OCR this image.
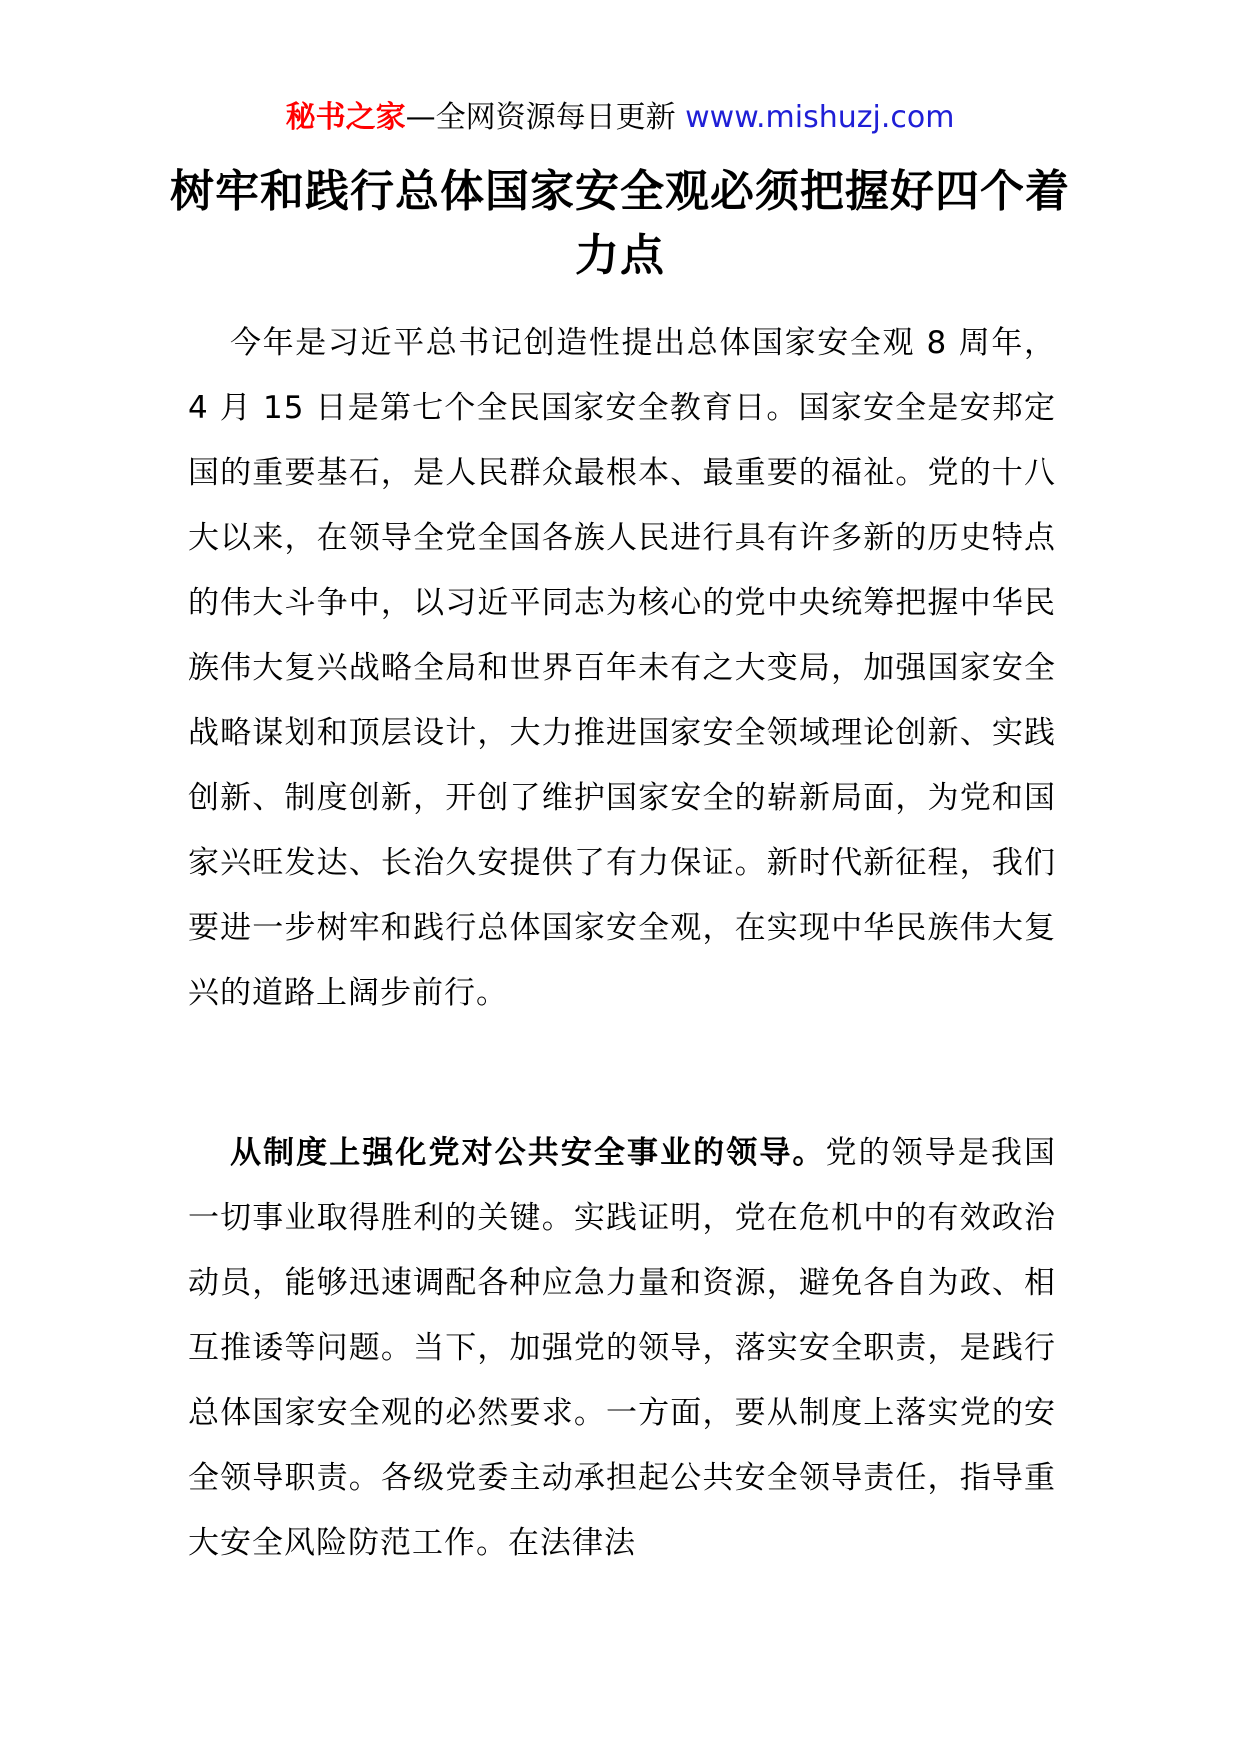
秘书之家—全网资源每日更新 www.mishuzj.com
树牢和践行总体国家安全观必须把握好四个着力点
今年是习近平总书记创造性提出总体国家安全观 8 周年，4 月 15 日是第七个全民国家安全教育日。国家安全是安邦定国的重要基石，是人民群众最根本、最重要的福祉。党的十八大以来，在领导全党全国各族人民进行具有许多新的历史特点的伟大斗争中，以习近平同志为核心的党中央统筹把握中华民族伟大复兴战略全局和世界百年未有之大变局，加强国家安全战略谋划和顶层设计，大力推进国家安全领域理论创新、实践创新、制度创新，开创了维护国家安全的崭新局面，为党和国家兴旺发达、长治久安提供了有力保证。新时代新征程，我们要进一步树牢和践行总体国家安全观，在实现中华民族伟大复兴的道路上阔步前行。
从制度上强化党对公共安全事业的领导。党的领导是我国一切事业取得胜利的关键。实践证明，党在危机中的有效政治动员，能够迅速调配各种应急力量和资源，避免各自为政、相互推诿等问题。当下，加强党的领导，落实安全职责，是践行总体国家安全观的必然要求。一方面，要从制度上落实党的安全领导职责。各级党委主动承担起公共安全领导责任，指导重大安全风险防范工作。在法律法
